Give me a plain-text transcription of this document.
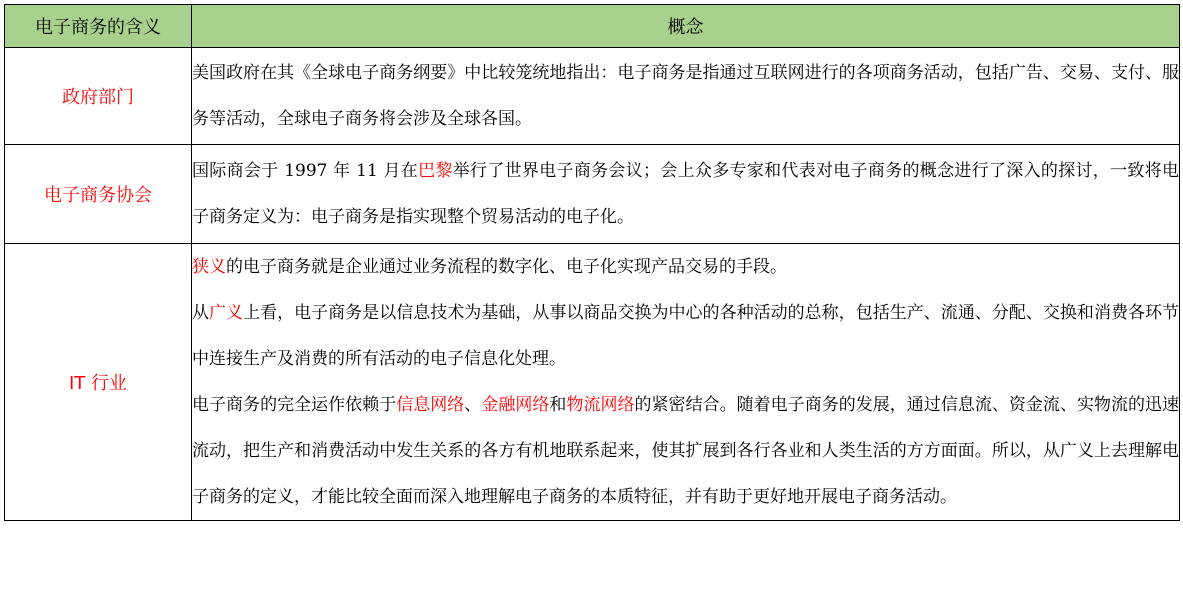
电子商务的含义	概念
政府部门	美国政府在其《全球电子商务纲要》中比较笼统地指出：电子商务是指通过互联网进行的各项商务活动，包括广告、交易、支付、服务等活动，全球电子商务将会涉及全球各国。

电子商务协会	国际商会于 1997 年 11 月在巴黎举行了世界电子商务会议；会上众多专家和代表对电子商务的概念进行了深入的探讨，一致将电子商务定义为：电子商务是指实现整个贸易活动的电子化。

IT 行业	狭义的电子商务就是企业通过业务流程的数字化、电子化实现产品交易的手段。

从广义上看，电子商务是以信息技术为基础，从事以商品交换为中心的各种活动的总称，包括生产、流通、分配、交换和消费各环节中连接生产及消费的所有活动的电子信息化处理。

电子商务的完全运作依赖于信息网络、金融网络和物流网络的紧密结合。随着电子商务的发展，通过信息流、资金流、实物流的迅速流动，把生产和消费活动中发生关系的各方有机地联系起来，使其扩展到各行各业和人类生活的方方面面。所以，从广义上去理解电子商务的定义，才能比较全面而深入地理解电子商务的本质特征，并有助于更好地开展电子商务活动。
